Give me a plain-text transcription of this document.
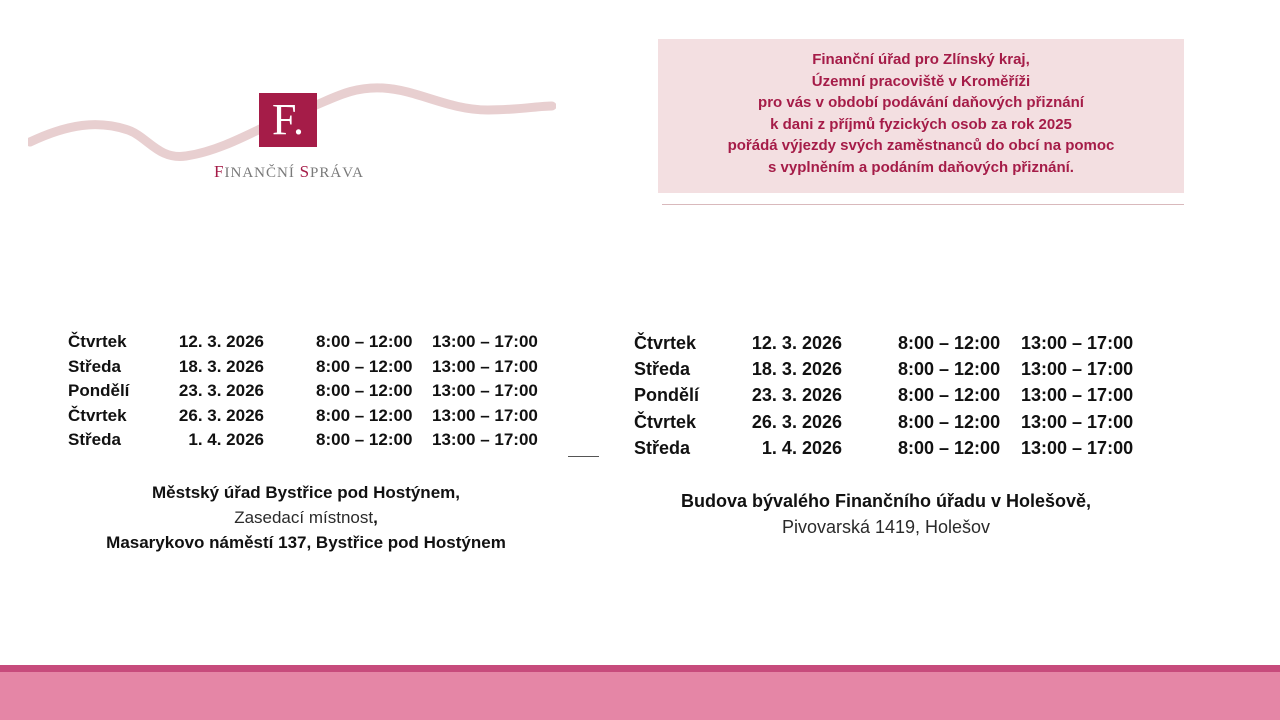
F.
FINANČNÍ SPRÁVA
Finanční úřad pro Zlínský kraj,
Územní pracoviště v Kroměříži
pro vás v období podávání daňových přiznání
k dani z příjmů fyzických osob za rok 2025
pořádá výjezdy svých zaměstnanců do obcí na pomoc
s vyplněním a podáním daňových přiznání.
Čtvrtek	12. 3. 2026	8:00 – 12:00 13:00 – 17:00
Středa	18. 3. 2026	8:00 – 12:00 13:00 – 17:00
Pondělí	23. 3. 2026	8:00 – 12:00 13:00 – 17:00
Čtvrtek	26. 3. 2026	8:00 – 12:00 13:00 – 17:00
Středa	1. 4. 2026	8:00 – 12:00 13:00 – 17:00
Čtvrtek	12. 3. 2026	8:00 – 12:00 13:00 – 17:00
Středa	18. 3. 2026	8:00 – 12:00 13:00 – 17:00
Pondělí	23. 3. 2026	8:00 – 12:00 13:00 – 17:00
Čtvrtek	26. 3. 2026	8:00 – 12:00 13:00 – 17:00
Středa	1. 4. 2026	8:00 – 12:00 13:00 – 17:00
Městský úřad Bystřice pod Hostýnem,
Zasedací místnost,
Masarykovo náměstí 137, Bystřice pod Hostýnem
Budova bývalého Finančního úřadu v Holešově,
Pivovarská 1419, Holešov
